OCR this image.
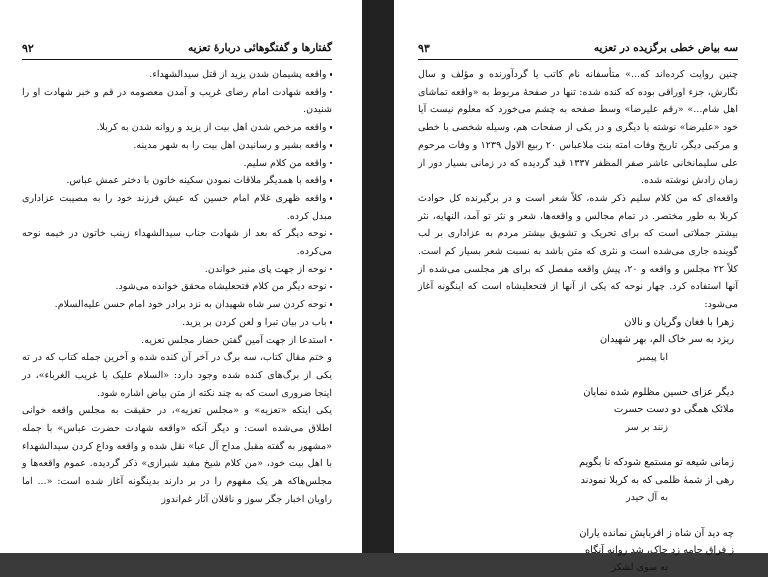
گفتارها و گفتگوهائی دربارهٔ تعزیه
۹۲

واقعه پشیمان شدن یزید از قتل سیدالشهداء.

واقعه شهادت امام رضای غریب و آمدن معصومه در قم و خبر شهادت او را شنیدن.

واقعه مرخص شدن اهل بیت از یزید و روانه شدن به کربلا.

واقعه بشیر و رسانیدن اهل بیت را به شهر مدینه.

واقعه من کلام سلیم.

واقعه با همدیگر ملاقات نمودن سکینه خاتون با دختر عمش عباس.

واقعه ظهری غلام امام حسین که عیش فرزند خود را به مصیبت عزاداری مبدل کرده.

نوحه دیگر که بعد از شهادت جناب سیدالشهداء زینب خاتون در خیمه نوحه می‌کرده.

نوحه از جهت پای منبر خواندن.

نوحه دیگر من کلام فتحعلیشاه محقق خوانده می‌شود.

نوحه کردن سر شاه شهیدان به نزد برادر خود امام حسن علیه‌السلام.

باب در بیان تبرا و لعن کردن بر یزید.

استدعا از جهت آمین گفتن حضار مجلس تعزیه.

و ختم مقال کتاب، سه برگ در آخر آن کنده شده و آخرین جمله کتاب که در ته یکی از برگ‌های کنده شده وجود دارد: «السلام علیک یا غریب الغرباء»، در اینجا ضروری است که به چند نکته از متن بیاض اشاره شود.

یکی اینکه «تعزیه» و «مجلس تعزیه»، در حقیقت به مجلس واقعه خوانی اطلاق می‌شده است: و دیگر آنکه «واقعه شهادت حضرت عباس» با جمله «مشهور به گفته مقبل مداح آل عبا» نقل شده و واقعه وداع کردن سیدالشهداء با اهل بیت خود، «من کلام شیخ مفید شیرازی» ذکر گردیده. عموم واقعه‌ها و مجلس‌هاکه هر یک مفهوم را در بر دارند بدینگونه آغاز شده است: «... اما راویان اخبار جگر سوز و ناقلان آثار غم‌اندوز

سه بیاض خطی برگزیده در تعزیه
۹۳

چنین روایت کرده‌اند که...» متأسفانه نام کاتب یا گردآورنده و مؤلف و سال نگارش، جزء اوراقی بوده که کنده شده: تنها در صفحهٔ مربوط به «واقعه تماشای اهل شام...» «رقم علیرضا» وسط صفحه به چشم می‌خورد که معلوم نیست آیا خود «علیرضا» نوشته یا دیگری و در یکی از صفحات هم، وسیله شخصی با خطی و مرکبی دیگر، تاریخ وفات امته بنت ملاعباس ۲۰ ربیع الاول ۱۲۳۹ و وفات مرحوم علی سلیمانخانی عاشر صفر المظفر ۱۳۳۷ قید گردیده که در زمانی بسیار دور از زمان زادش نوشته شده.

واقعه‌ای که من کلام سلیم ذکر شده، کلاً شعر است و در برگیرنده کل حوادث کربلا به طور مختصر. در تمام مجالس و واقعه‌ها، شعر و نثر تو آمد، النهایه، نثر بیشتر جملاتی است که برای تحریک و تشویق بیشتر مردم به عزاداری بر لب گوینده جاری می‌شده است و نثری که متن باشد به نسبت شعر بسیار کم است. کلاً ۲۲ مجلس و واقعه و ۲۰، پیش واقعه مفصل که برای هر مجلسی می‌شده از آنها استفاده کرد. چهار نوحه که یکی از آنها از فتحعلیشاه است که اینگونه آغاز می‌شود:

زهرا با فغان وگریان و نالان

ریزد به سر خاک الم، بهر شهیدان

ابا پیمبر

دیگر عزای حسین مظلوم شده نمایان

ملائک همگی دو دست حسرت

زنند بر سر

زمانی شیعه تو مستمع شودکه تا بگویم

رهی از شمهٔ ظلمی که به کربلا نمودند

به آل حیدر

چه دید آن شاه ز اقربایش نمانده یاران

ز فراق جامه زد چاک، شد روانه آنگاه

به سوی لشکر
